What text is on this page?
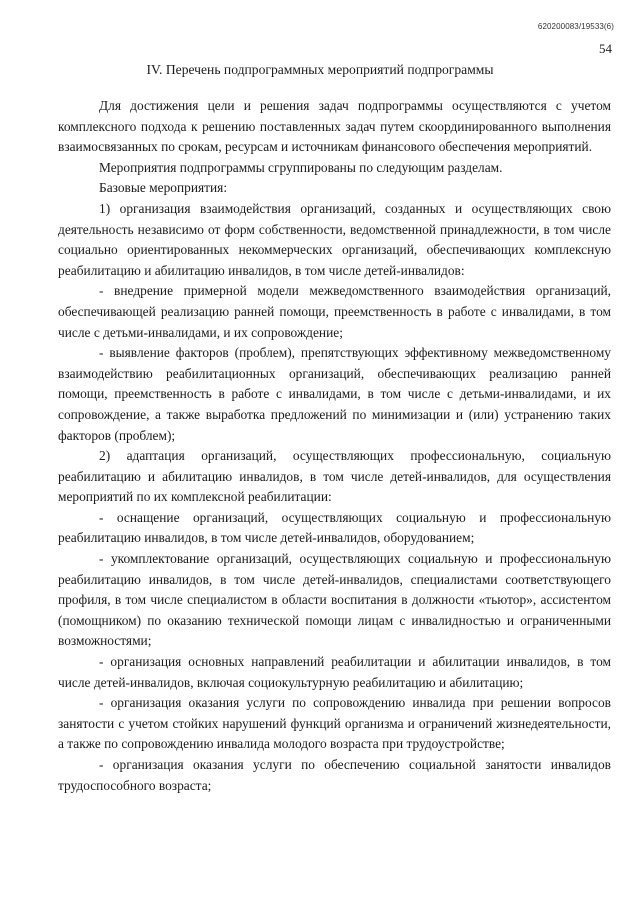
620200083/19533(6)
54
IV. Перечень подпрограммных мероприятий подпрограммы

Для достижения цели и решения задач подпрограммы осуществляются с учетом комплексного подхода к решению поставленных задач путем скоординированного выполнения взаимосвязанных по срокам, ресурсам и источникам финансового обеспечения мероприятий.

Мероприятия подпрограммы сгруппированы по следующим разделам.

Базовые мероприятия:

1) организация взаимодействия организаций, созданных и осуществляющих свою деятельность независимо от форм собственности, ведомственной принадлежности, в том числе социально ориентированных некоммерческих организаций, обеспечивающих комплексную реабилитацию и абилитацию инвалидов, в том числе детей-инвалидов:

- внедрение примерной модели межведомственного взаимодействия организаций, обеспечивающей реализацию ранней помощи, преемственность в работе с инвалидами, в том числе с детьми-инвалидами, и их сопровождение;

- выявление факторов (проблем), препятствующих эффективному межведомственному взаимодействию реабилитационных организаций, обеспечивающих реализацию ранней помощи, преемственность в работе с инвалидами, в том числе с детьми-инвалидами, и их сопровождение, а также выработка предложений по минимизации и (или) устранению таких факторов (проблем);

2) адаптация организаций, осуществляющих профессиональную, социальную реабилитацию и абилитацию инвалидов, в том числе детей-инвалидов, для осуществления мероприятий по их комплексной реабилитации:

- оснащение организаций, осуществляющих социальную и профессиональную реабилитацию инвалидов, в том числе детей-инвалидов, оборудованием;

- укомплектование организаций, осуществляющих социальную и профессиональную реабилитацию инвалидов, в том числе детей-инвалидов, специалистами соответствующего профиля, в том числе специалистом в области воспитания в должности «тьютор», ассистентом (помощником) по оказанию технической помощи лицам с инвалидностью и ограниченными возможностями;

- организация основных направлений реабилитации и абилитации инвалидов, в том числе детей-инвалидов, включая социокультурную реабилитацию и абилитацию;

- организация оказания услуги по сопровождению инвалида при решении вопросов занятости с учетом стойких нарушений функций организма и ограничений жизнедеятельности, а также по сопровождению инвалида молодого возраста при трудоустройстве;

- организация оказания услуги по обеспечению социальной занятости инвалидов трудоспособного возраста;
